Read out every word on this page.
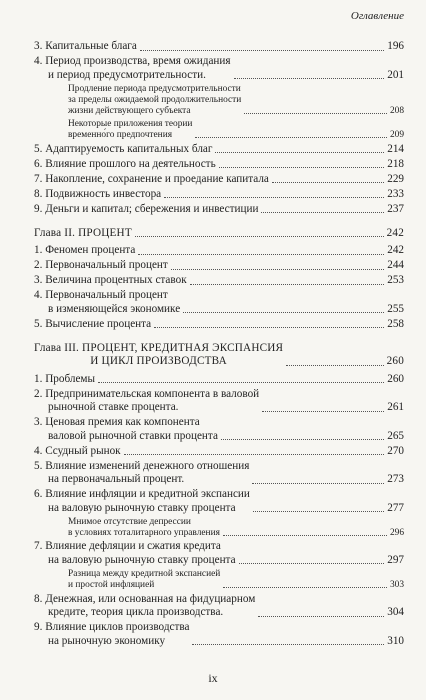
Оглавление
3. Капитальные блага	196
4. Период производства, время ожидания
и период предусмотрительности.	201
Продление периода предусмотрительности
за пределы ожидаемой продолжительности
жизни действующего субъекта	208
Некоторые приложения теории
временно́го предпочтения	209
5. Адаптируемость капитальных благ	214
6. Влияние прошлого на деятельность	218
7. Накопление, сохранение и проедание капитала	229
8. Подвижность инвестора	233
9. Деньги и капитал; сбережения и инвестиции	237
Глава II. ПРОЦЕНТ	242
1. Феномен процента	242
2. Первоначальный процент	244
3. Величина процентных ставок	253
4. Первоначальный процент
в изменяющейся экономике	255
5. Вычисление процента	258
Глава III. ПРОЦЕНТ, КРЕДИТНАЯ ЭКСПАНСИЯ
И ЦИКЛ ПРОИЗВОДСТВА	260
1. Проблемы	260
2. Предпринимательская компонента в валовой
рыночной ставке процента.	261
3. Ценовая премия как компонента
валовой рыночной ставки процента	265
4. Ссудный рынок	270
5. Влияние изменений денежного отношения
на первоначальный процент.	273
6. Влияние инфляции и кредитной экспансии
на валовую рыночную ставку процента	277
Мнимое отсутствие депрессии
в условиях тоталитарного управления	296
7. Влияние дефляции и сжатия кредита
на валовую рыночную ставку процента	297
Разница между кредитной экспансией
и простой инфляцией	303
8. Денежная, или основанная на фидуциарном
кредите, теория цикла производства.	304
9. Влияние циклов производства
на рыночную экономику	310
ix
